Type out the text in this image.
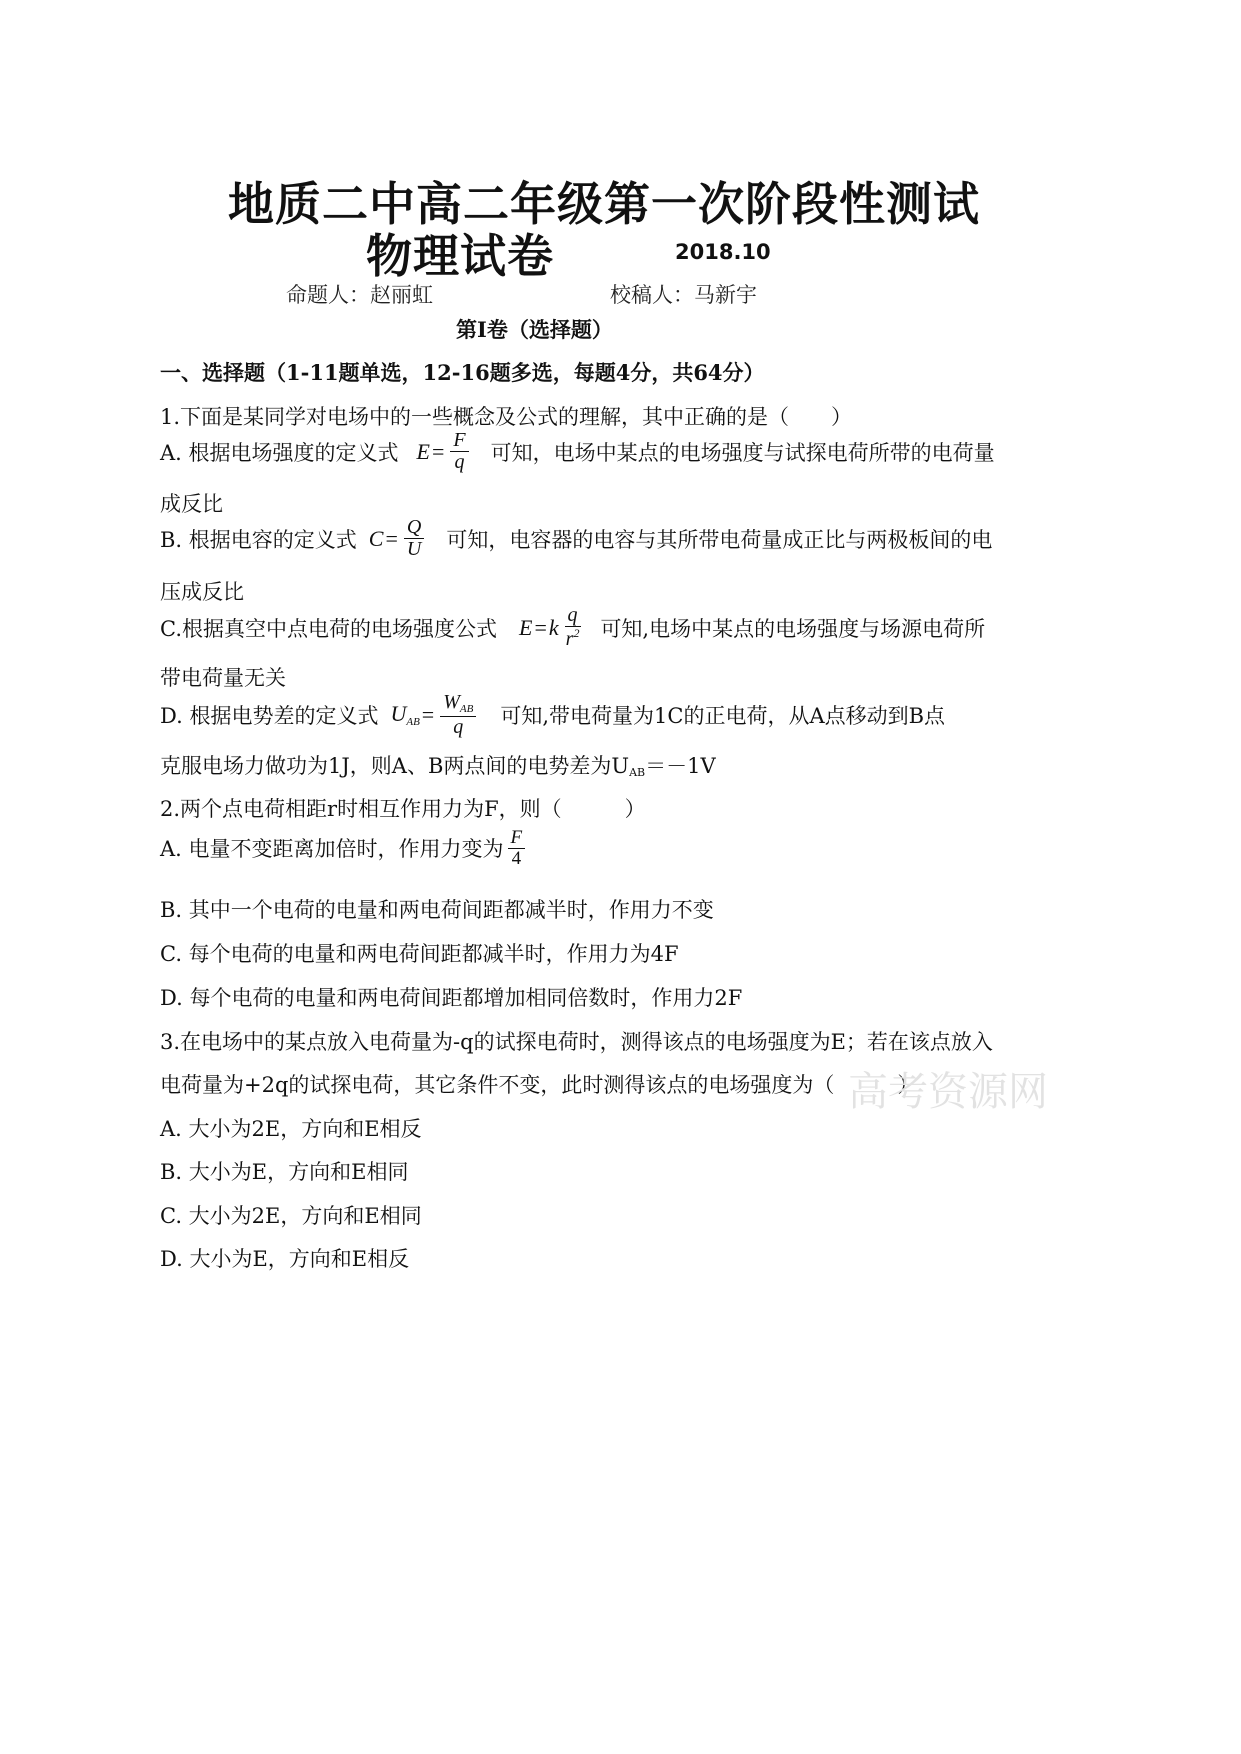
地质二中高二年级第一次阶段性测试
物理试卷	2018.10
命题人：赵丽虹	校稿人：马新宇
第Ⅰ卷（选择题）
一、选择题（1-11题单选，12-16题多选，每题4分，共64分）
1.下面是某同学对电场中的一些概念及公式的理解，其中正确的是（　　）
A. 根据电场强度的定义式 $E = \frac{F}{q}$ 可知，电场中某点的电场强度与试探电荷所带的电荷量
成反比
B. 根据电容的定义式 $C = \frac{Q}{U}$ 可知，电容器的电容与其所带电荷量成正比与两极板间的电
压成反比
C.根据真空中点电荷的电场强度公式 E = k $\frac{q}{r^2}$ 可知,电场中某点的电场强度与场源电荷所
带电荷量无关
D. 根据电势差的定义式 $U_{AB} = \frac{W_{AB}}{q}$ 可知,带电荷量为1C的正电荷，从A点移动到B点
克服电场力做功为1J，则A、B两点间的电势差为UAB＝－1V
2.两个点电荷相距r时相互作用力为F，则（　　　）
A. 电量不变距离加倍时，作用力变为 $\frac{F}{4}$
B. 其中一个电荷的电量和两电荷间距都减半时，作用力不变
C. 每个电荷的电量和两电荷间距都减半时，作用力为4F
D. 每个电荷的电量和两电荷间距都增加相同倍数时，作用力2F
3.在电场中的某点放入电荷量为-q的试探电荷时，测得该点的电场强度为E；若在该点放入
电荷量为+2q的试探电荷，其它条件不变，此时测得该点的电场强度为（　　　）
高考资源网
A. 大小为2E，方向和E相反
B. 大小为E，方向和E相同
C. 大小为2E，方向和E相同
D. 大小为E，方向和E相反
